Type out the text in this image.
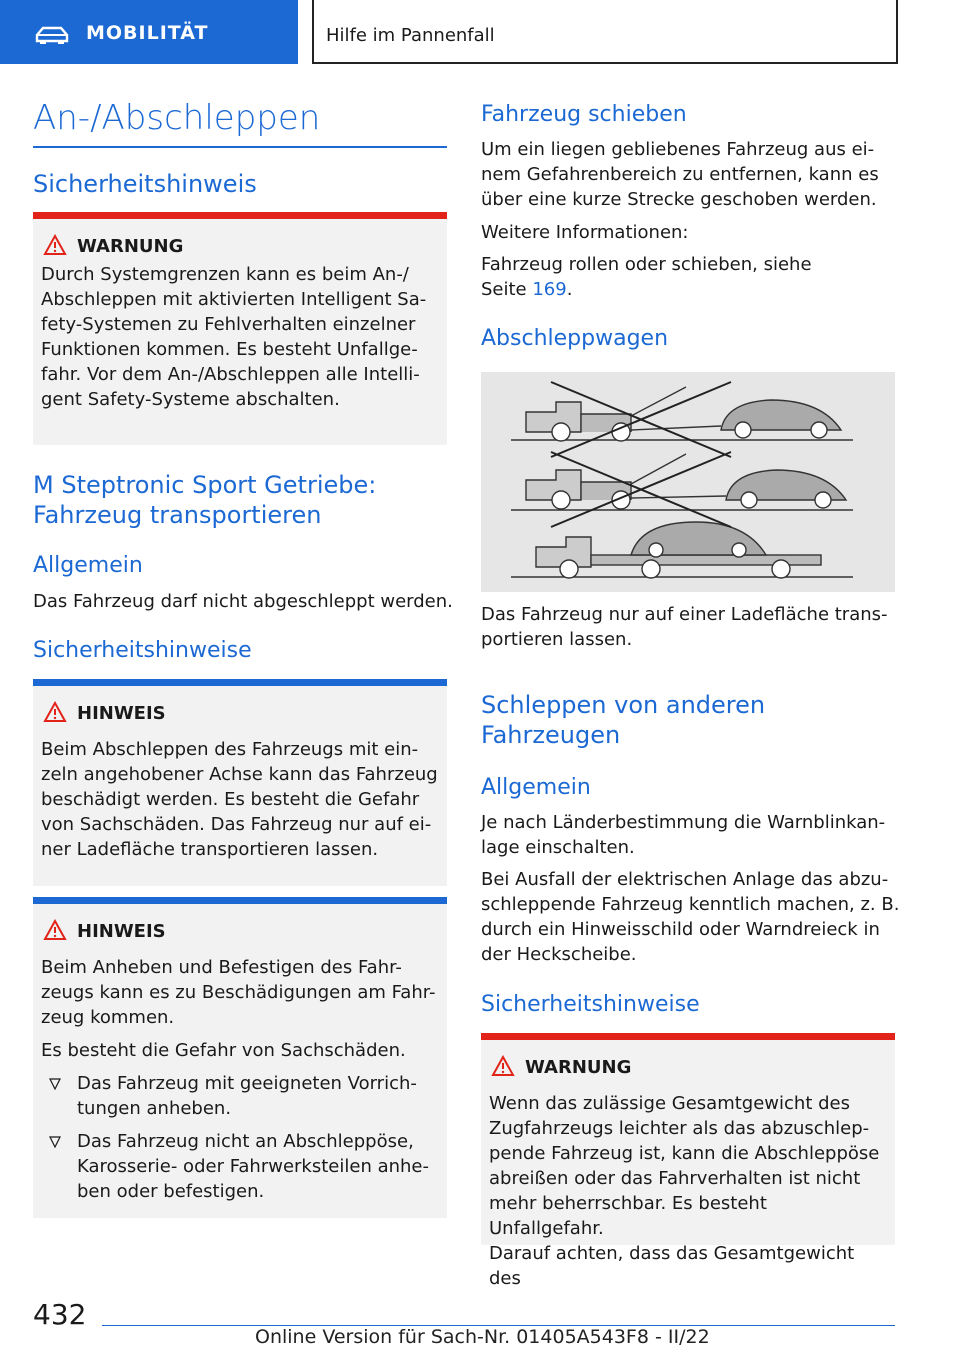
MOBILITÄT	Hilfe im Pannenfall
An-/Abschleppen
Sicherheitshinweis
WARNUNG
Durch Systemgrenzen kann es beim An-/
Abschleppen mit aktivierten Intelligent Sa-
fety-Systemen zu Fehlverhalten einzelner
Funktionen kommen. Es besteht Unfallge-
fahr. Vor dem An-/Abschleppen alle Intelli-
gent Safety-Systeme abschalten.
M Steptronic Sport Getriebe:
Fahrzeug transportieren
Allgemein
Das Fahrzeug darf nicht abgeschleppt werden.
Sicherheitshinweise
HINWEIS
Beim Abschleppen des Fahrzeugs mit ein-
zeln angehobener Achse kann das Fahrzeug
beschädigt werden. Es besteht die Gefahr
von Sachschäden. Das Fahrzeug nur auf ei-
ner Ladefläche transportieren lassen.
HINWEIS
Beim Anheben und Befestigen des Fahr-
zeugs kann es zu Beschädigungen am Fahr-
zeug kommen.
Es besteht die Gefahr von Sachschäden.
Das Fahrzeug mit geeigneten Vorrich-
tungen anheben.
Das Fahrzeug nicht an Abschleppöse,
Karosserie- oder Fahrwerksteilen anhe-
ben oder befestigen.
Fahrzeug schieben
Um ein liegen gebliebenes Fahrzeug aus ei-
nem Gefahrenbereich zu entfernen, kann es
über eine kurze Strecke geschoben werden.
Weitere Informationen:
Fahrzeug rollen oder schieben, siehe
Seite 169.
Abschleppwagen
Das Fahrzeug nur auf einer Ladefläche trans-
portieren lassen.
Schleppen von anderen
Fahrzeugen
Allgemein
Je nach Länderbestimmung die Warnblinkan-
lage einschalten.
Bei Ausfall der elektrischen Anlage das abzu-
schleppende Fahrzeug kenntlich machen, z. B.
durch ein Hinweisschild oder Warndreieck in
der Heckscheibe.
Sicherheitshinweise
WARNUNG
Wenn das zulässige Gesamtgewicht des
Zugfahrzeugs leichter als das abzuschlep-
pende Fahrzeug ist, kann die Abschleppöse
abreißen oder das Fahrverhalten ist nicht
mehr beherrschbar. Es besteht Unfallgefahr.
Darauf achten, dass das Gesamtgewicht des
432
Online Version für Sach-Nr. 01405A543F8 - II/22
